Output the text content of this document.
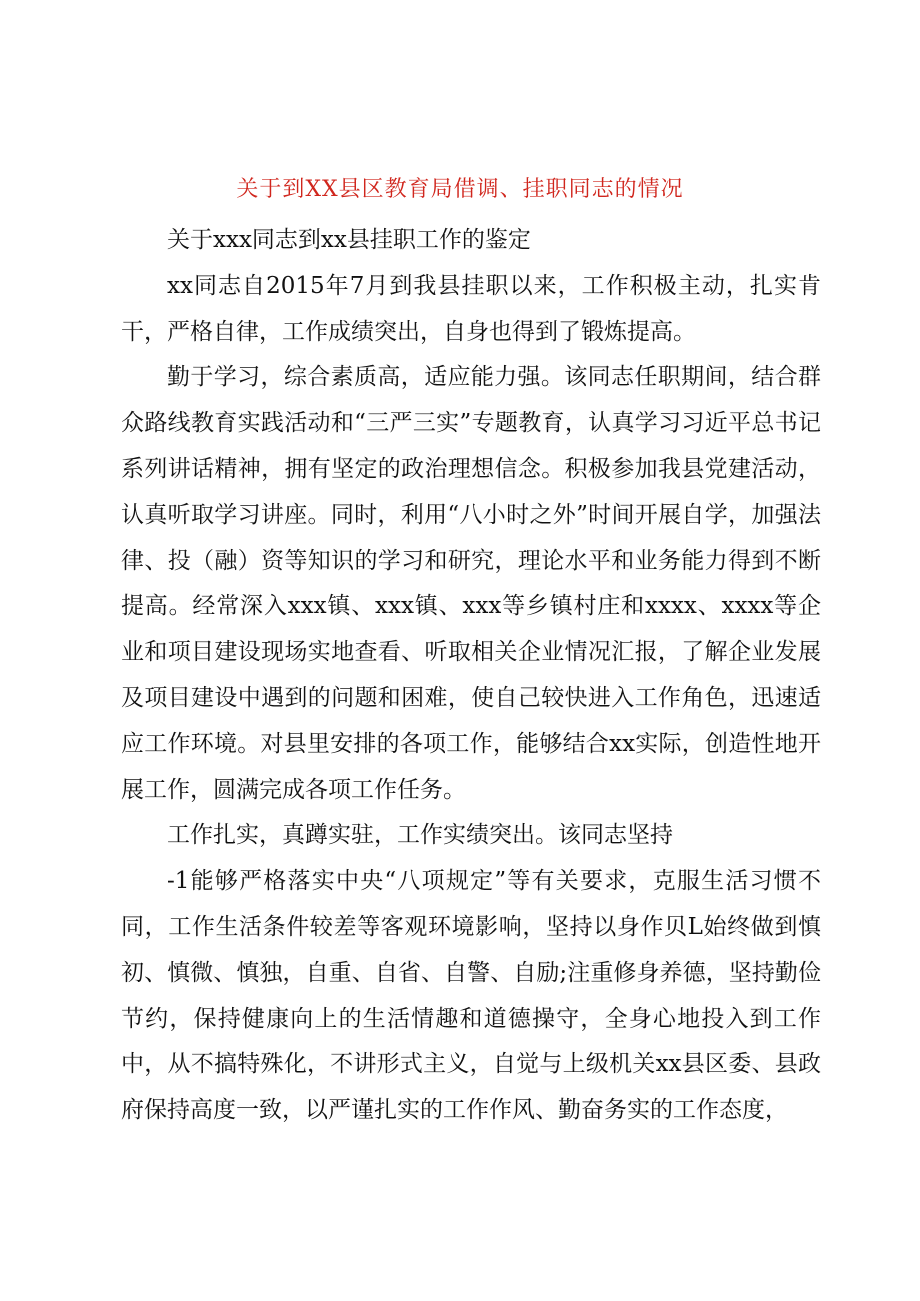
关于到XX县区教育局借调、挂职同志的情况

关于xxx同志到xx县挂职工作的鉴定

xx同志自2015年7月到我县挂职以来，工作积极主动，扎实肯干，严格自律，工作成绩突出，自身也得到了锻炼提高。

勤于学习，综合素质高，适应能力强。该同志任职期间，结合群众路线教育实践活动和“三严三实”专题教育，认真学习习近平总书记系列讲话精神，拥有坚定的政治理想信念。积极参加我县党建活动，认真听取学习讲座。同时，利用“八小时之外”时间开展自学，加强法律、投（融）资等知识的学习和研究，理论水平和业务能力得到不断提高。经常深入xxx镇、xxx镇、xxx等乡镇村庄和xxxx、xxxx等企业和项目建设现场实地查看、听取相关企业情况汇报，了解企业发展及项目建设中遇到的问题和困难，使自己较快进入工作角色，迅速适应工作环境。对县里安排的各项工作，能够结合xx实际，创造性地开展工作，圆满完成各项工作任务。

工作扎实，真蹲实驻，工作实绩突出。该同志坚持

-1能够严格落实中央“八项规定”等有关要求，克服生活习惯不同，工作生活条件较差等客观环境影响，坚持以身作贝L始终做到慎初、慎微、慎独，自重、自省、自警、自励;注重修身养德，坚持勤俭节约，保持健康向上的生活情趣和道德操守，全身心地投入到工作中，从不搞特殊化，不讲形式主义，自觉与上级机关xx县区委、县政府保持高度一致，以严谨扎实的工作作风、勤奋务实的工作态度，
